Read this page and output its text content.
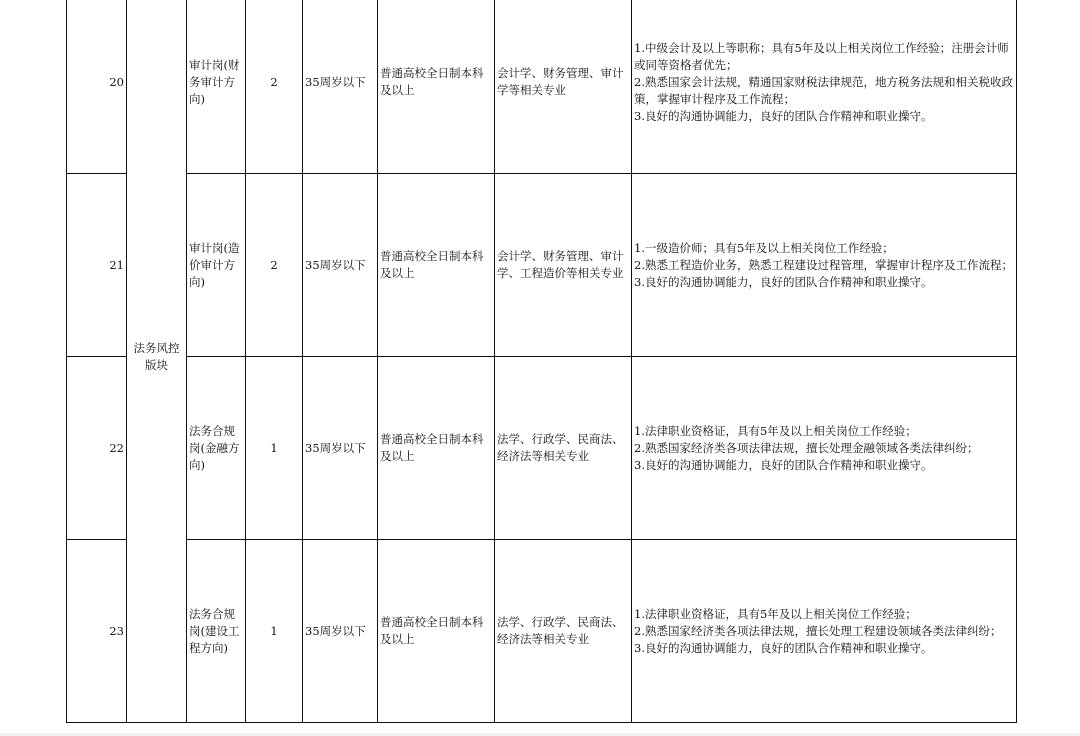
20	法务风控版块	审计岗(财务审计方向)	2	35周岁以下	普通高校全日制本科及以上	会计学、财务管理、审计学等相关专业	1.中级会计及以上等职称；具有5年及以上相关岗位工作经验；注册会计师或同等资格者优先；
2.熟悉国家会计法规，精通国家财税法律规范，地方税务法规和相关税收政策，掌握审计程序及工作流程；
3.良好的沟通协调能力，良好的团队合作精神和职业操守。

21		审计岗(造价审计方向)	2	35周岁以下	普通高校全日制本科及以上	会计学、财务管理、审计学、工程造价等相关专业	1.一级造价师；具有5年及以上相关岗位工作经验；
2.熟悉工程造价业务，熟悉工程建设过程管理，掌握审计程序及工作流程；
3.良好的沟通协调能力，良好的团队合作精神和职业操守。

22		法务合规岗(金融方向)	1	35周岁以下	普通高校全日制本科及以上	法学、行政学、民商法、经济法等相关专业	1.法律职业资格证，具有5年及以上相关岗位工作经验；
2.熟悉国家经济类各项法律法规，擅长处理金融领域各类法律纠纷；
3.良好的沟通协调能力，良好的团队合作精神和职业操守。

23		法务合规岗(建设工程方向)	1	35周岁以下	普通高校全日制本科及以上	法学、行政学、民商法、经济法等相关专业	1.法律职业资格证，具有5年及以上相关岗位工作经验；
2.熟悉国家经济类各项法律法规，擅长处理工程建设领域各类法律纠纷；
3.良好的沟通协调能力，良好的团队合作精神和职业操守。
